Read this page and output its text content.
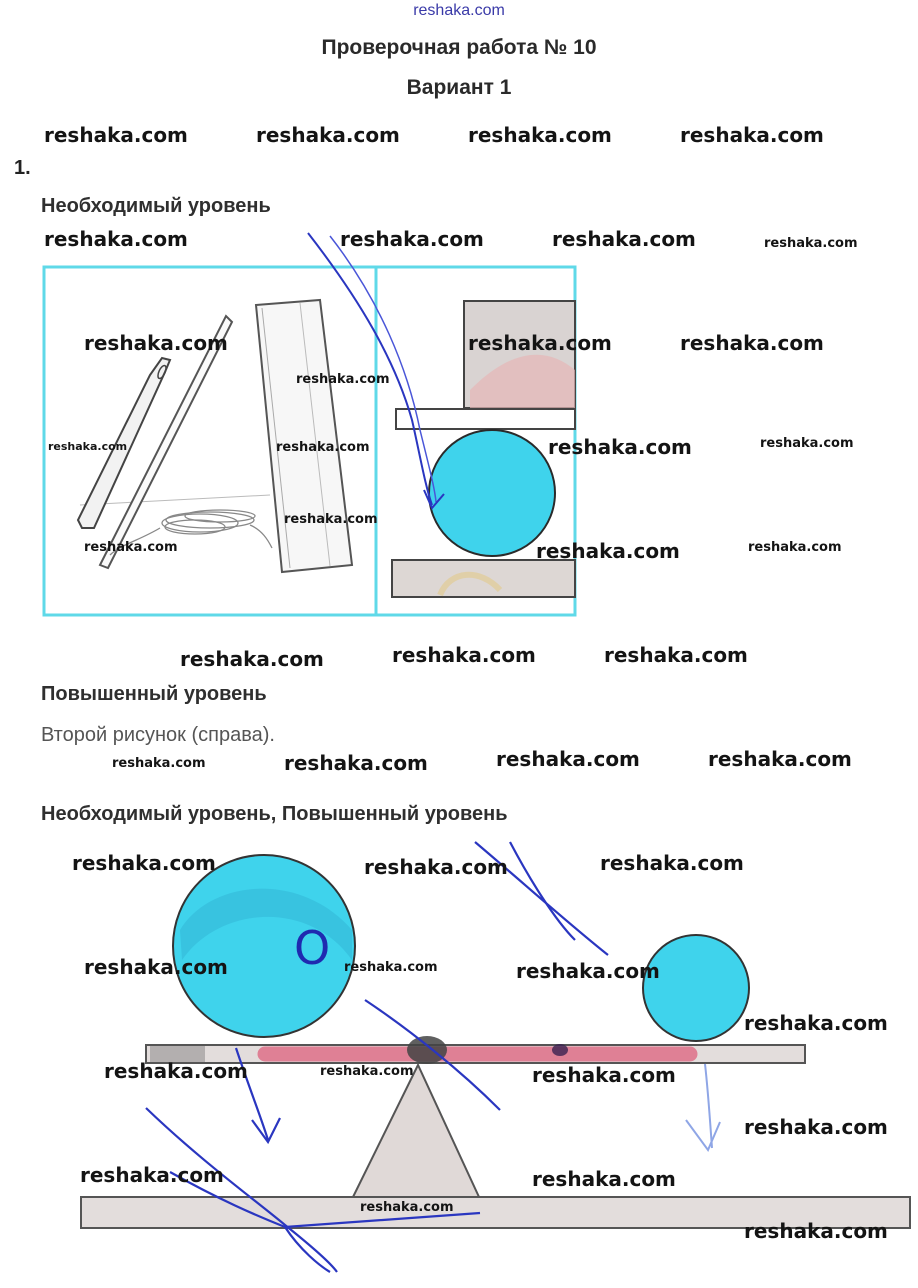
reshaka.com
Проверочная работа № 10
Вариант 1
1.
Необходимый уровень
Повышенный уровень
Второй рисунок (справа).
Необходимый уровень, Повышенный уровень
O
reshaka.com	reshaka.com	reshaka.com	reshaka.com
reshaka.com	reshaka.com	reshaka.com	reshaka.com
reshaka.com
reshaka.com
reshaka.com	reshaka.com
reshaka.com	reshaka.com	reshaka.com	reshaka.com
reshaka.com
reshaka.com	reshaka.com	reshaka.com
reshaka.com	reshaka.com	reshaka.com
reshaka.com	reshaka.com	reshaka.com	reshaka.com
reshaka.com	reshaka.com	reshaka.com
reshaka.com	reshaka.com	reshaka.com
reshaka.com
reshaka.com	reshaka.com	reshaka.com
reshaka.com
reshaka.com	reshaka.com
reshaka.com
reshaka.com
